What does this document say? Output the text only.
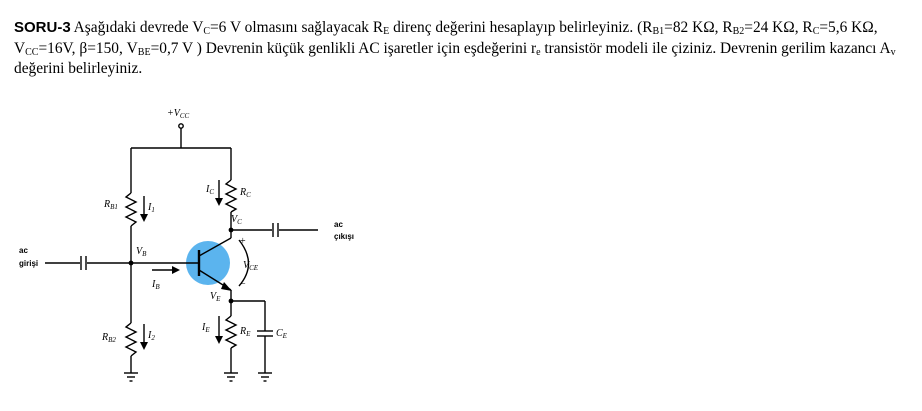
SORU-3 Aşağıdaki devrede $V_C=6$ V olmasını sağlayacak $R_E$ direnç değerini hesaplayıp belirleyiniz. ($R_{B1}=82$ KΩ, $R_{B2}=24$ KΩ, $R_C=5,6$ KΩ, $V_{CC}=16V$, β=150, $V_{BE}=0,7$ V ) Devrenin küçük genlikli AC işaretler için eşdeğerini $r_e$ transistör modeli ile çiziniz. Devrenin gerilim kazancı $A_v$ değerini belirleyiniz.
$+V_{CC}$
$R_{B1}$	$I_1$
$I_C$	$R_C$
$V_C$
+
−
$V_B$
$I_B$
$V_{CE}$
$V_E$
$R_{B2}$	$I_2$
$I_E$	$R_E$	$C_E$
ac
girişi
ac
çıkışı
